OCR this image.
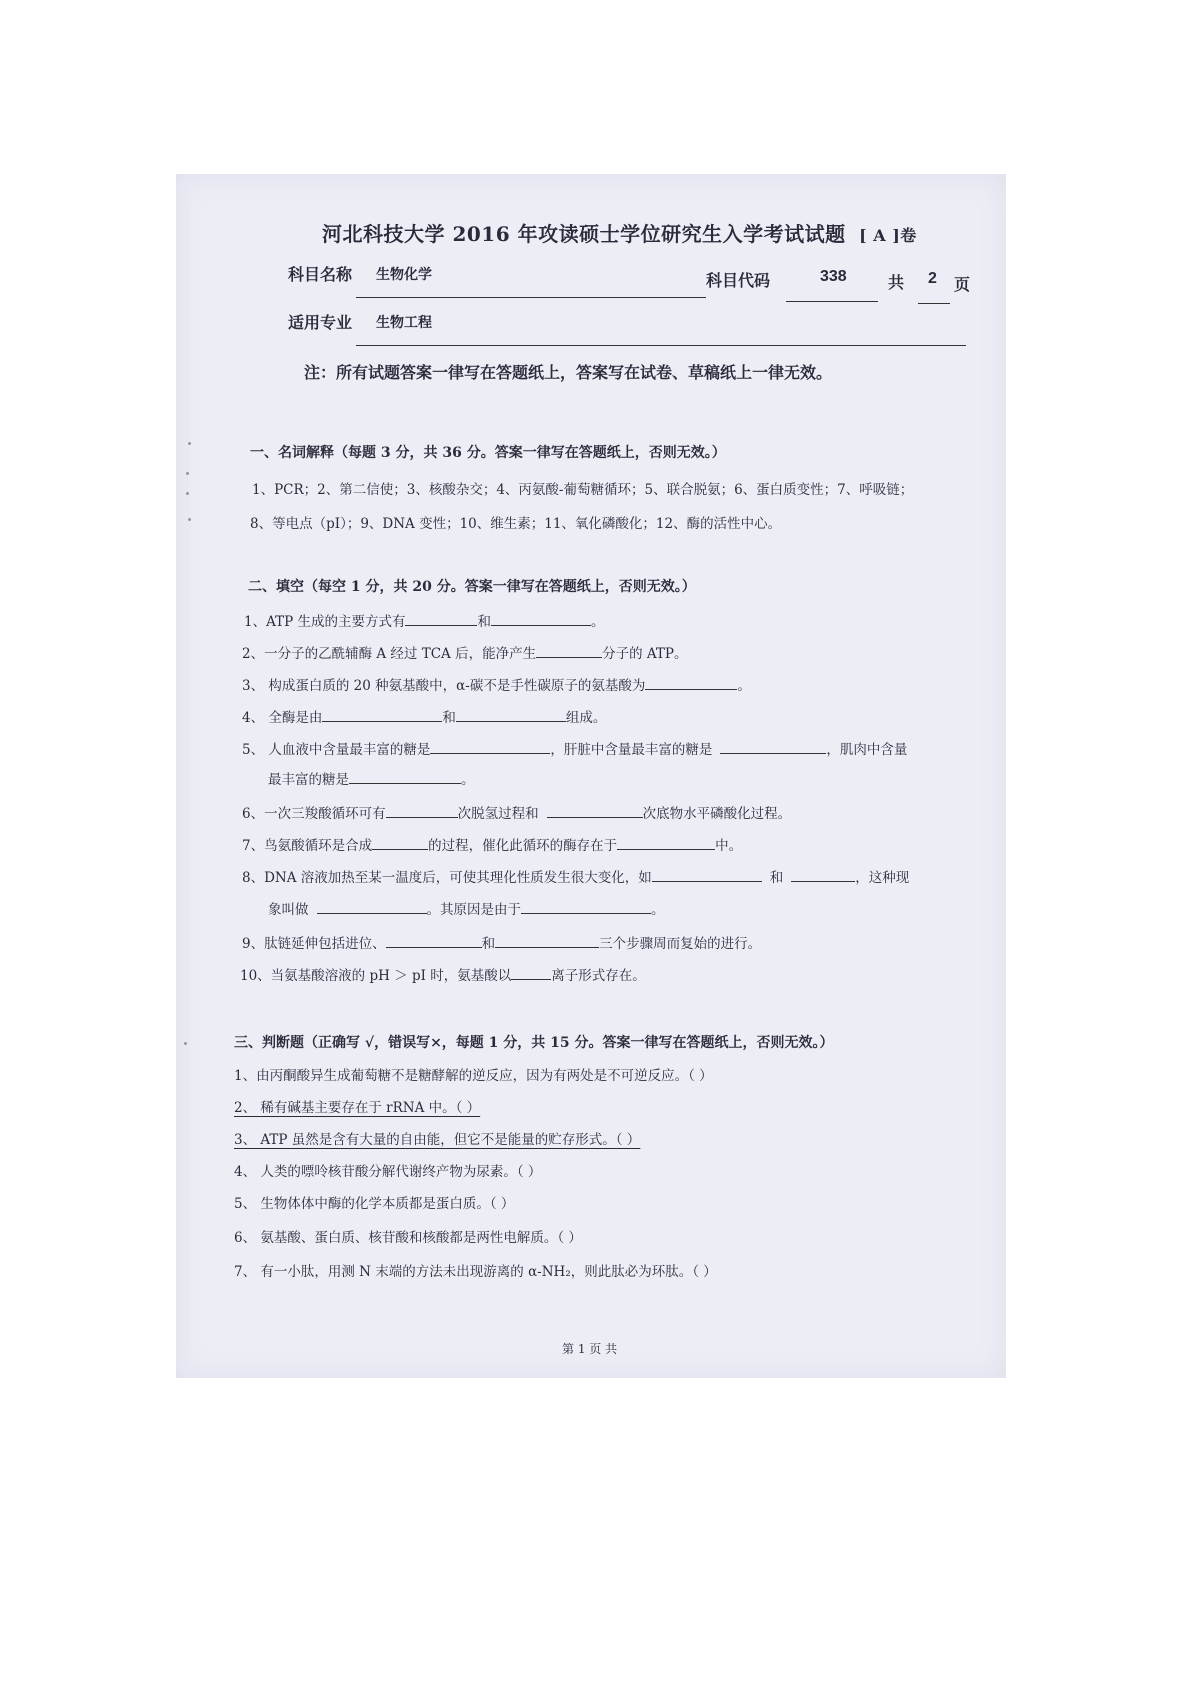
河北科技大学 2016 年攻读硕士学位研究生入学考试试题 [ A ]卷
科目名称 生物化学	科目代码	338	共 2 页
适用专业 生物工程
注：所有试题答案一律写在答题纸上，答案写在试卷、草稿纸上一律无效。
一、名词解释（每题 3 分，共 36 分。答案一律写在答题纸上，否则无效。）
1、PCR；2、第二信使；3、核酸杂交；4、丙氨酸-葡萄糖循环；5、联合脱氨；6、蛋白质变性；7、呼吸链；
8、等电点（pI）；9、DNA 变性；10、维生素；11、氧化磷酸化；12、酶的活性中心。
二、填空（每空 1 分，共 20 分。答案一律写在答题纸上，否则无效。）
1、ATP 生成的主要方式有	和	。
2、一分子的乙酰辅酶 A 经过 TCA 后，能净产生	分子的 ATP。
3、 构成蛋白质的 20 种氨基酸中，α-碳不是手性碳原子的氨基酸为	。
4、 全酶是由	和	组成。
5、 人血液中含量最丰富的糖是	，肝脏中含量最丰富的糖是	，肌肉中含量
最丰富的糖是	。
6、一次三羧酸循环可有	次脱氢过程和	次底物水平磷酸化过程。
7、鸟氨酸循环是合成	的过程，催化此循环的酶存在于	中。
8、DNA 溶液加热至某一温度后，可使其理化性质发生很大变化，如	和	，这种现
象叫做	。其原因是由于	。
9、肽链延伸包括进位、	和	三个步骤周而复始的进行。
10、当氨基酸溶液的 pH ＞ pI 时，氨基酸以	离子形式存在。
三、判断题（正确写 √，错误写×，每题 1 分，共 15 分。答案一律写在答题纸上，否则无效。）
1、由丙酮酸异生成葡萄糖不是糖酵解的逆反应，因为有两处是不可逆反应。（ ）
2、 稀有碱基主要存在于 rRNA 中。（ ）
3、 ATP 虽然是含有大量的自由能，但它不是能量的贮存形式。（ ）
4、 人类的嘌呤核苷酸分解代谢终产物为尿素。（ ）
5、 生物体体中酶的化学本质都是蛋白质。（ ）
6、 氨基酸、蛋白质、核苷酸和核酸都是两性电解质。（ ）
7、 有一小肽，用测 N 末端的方法未出现游离的 α-NH₂，则此肽必为环肽。（ ）
第 1 页 共
